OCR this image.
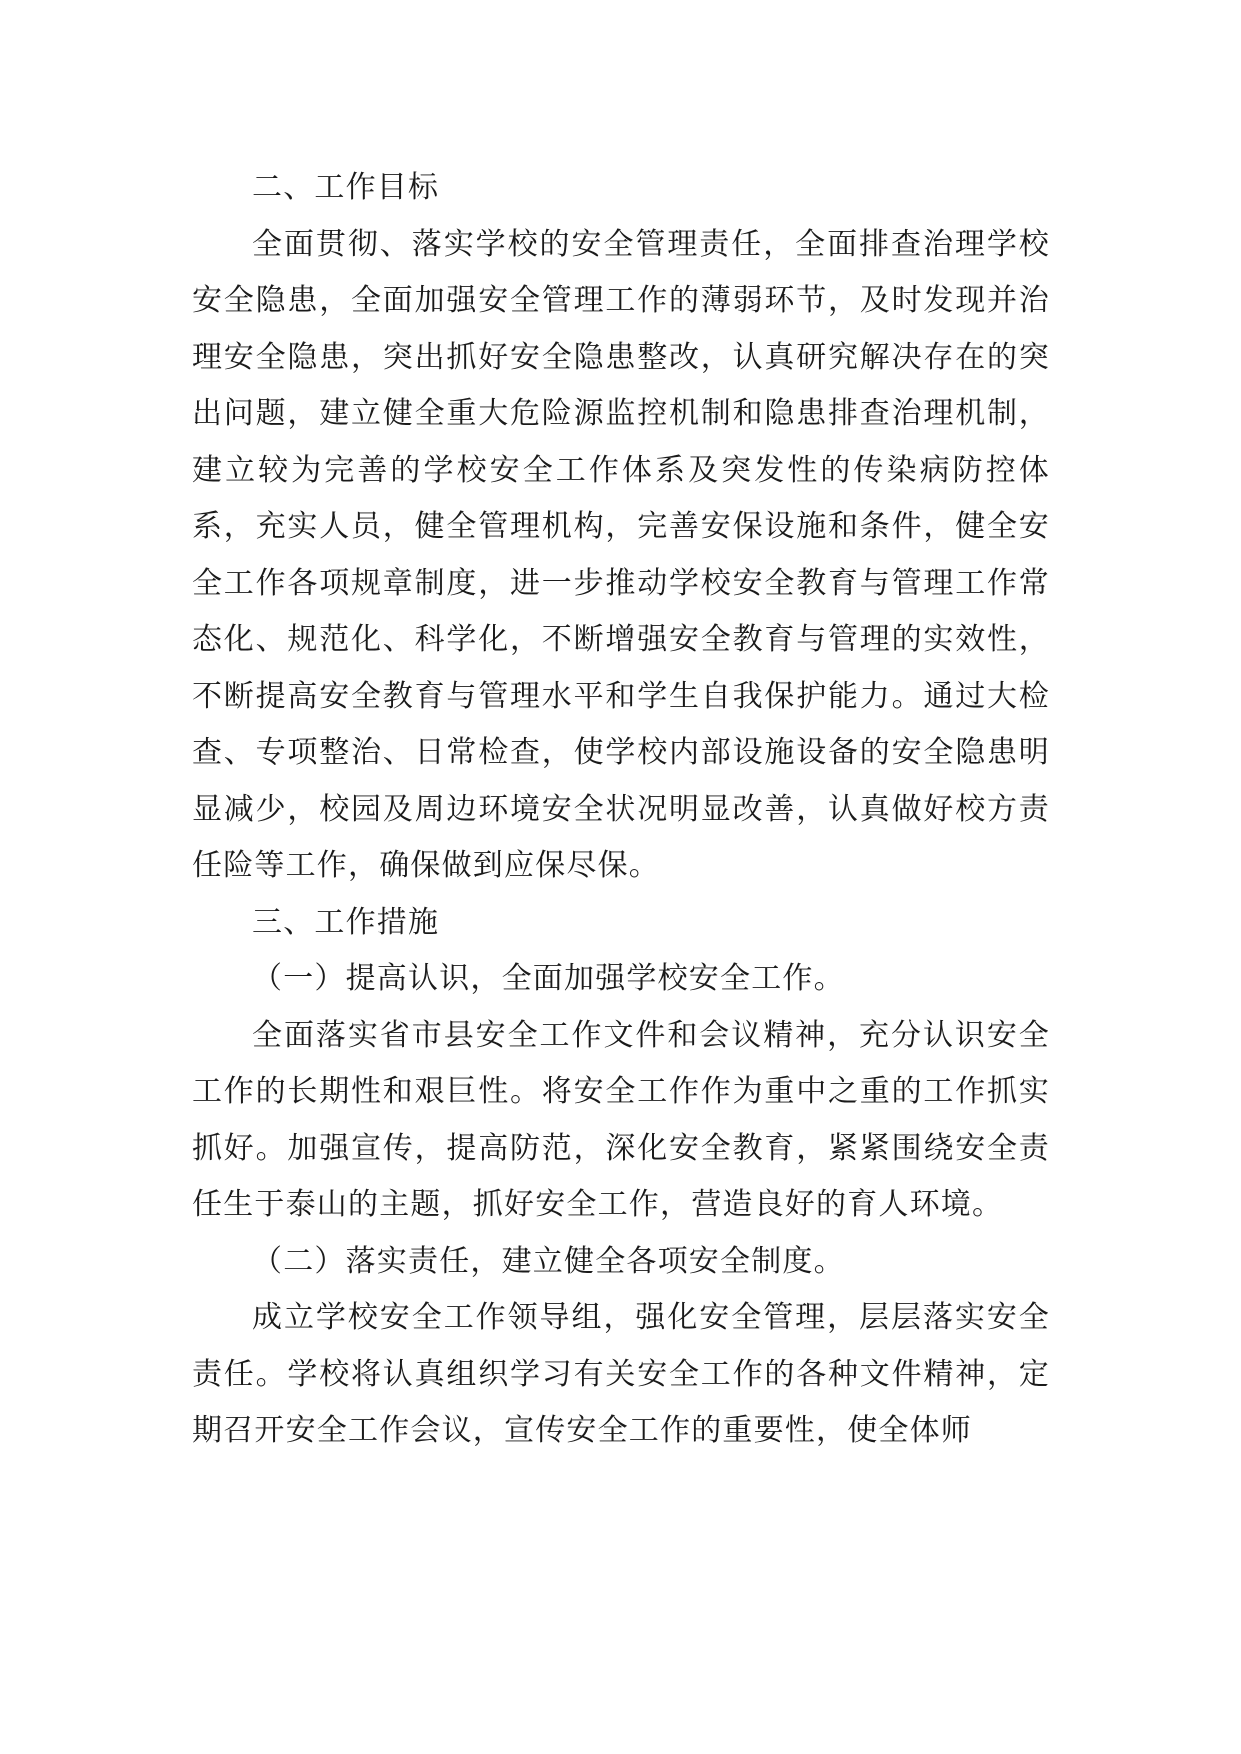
二、工作目标

全面贯彻、落实学校的安全管理责任，全面排查治理学校安全隐患，全面加强安全管理工作的薄弱环节，及时发现并治理安全隐患，突出抓好安全隐患整改，认真研究解决存在的突出问题，建立健全重大危险源监控机制和隐患排查治理机制，建立较为完善的学校安全工作体系及突发性的传染病防控体系，充实人员，健全管理机构，完善安保设施和条件，健全安全工作各项规章制度，进一步推动学校安全教育与管理工作常态化、规范化、科学化，不断增强安全教育与管理的实效性，不断提高安全教育与管理水平和学生自我保护能力。通过大检查、专项整治、日常检查，使学校内部设施设备的安全隐患明显减少，校园及周边环境安全状况明显改善，认真做好校方责任险等工作，确保做到应保尽保。

三、工作措施

（一）提高认识，全面加强学校安全工作。

全面落实省市县安全工作文件和会议精神，充分认识安全工作的长期性和艰巨性。将安全工作作为重中之重的工作抓实抓好。加强宣传，提高防范，深化安全教育，紧紧围绕安全责任生于泰山的主题，抓好安全工作，营造良好的育人环境。

（二）落实责任，建立健全各项安全制度。

成立学校安全工作领导组，强化安全管理，层层落实安全责任。学校将认真组织学习有关安全工作的各种文件精神，定期召开安全工作会议，宣传安全工作的重要性，使全体师
